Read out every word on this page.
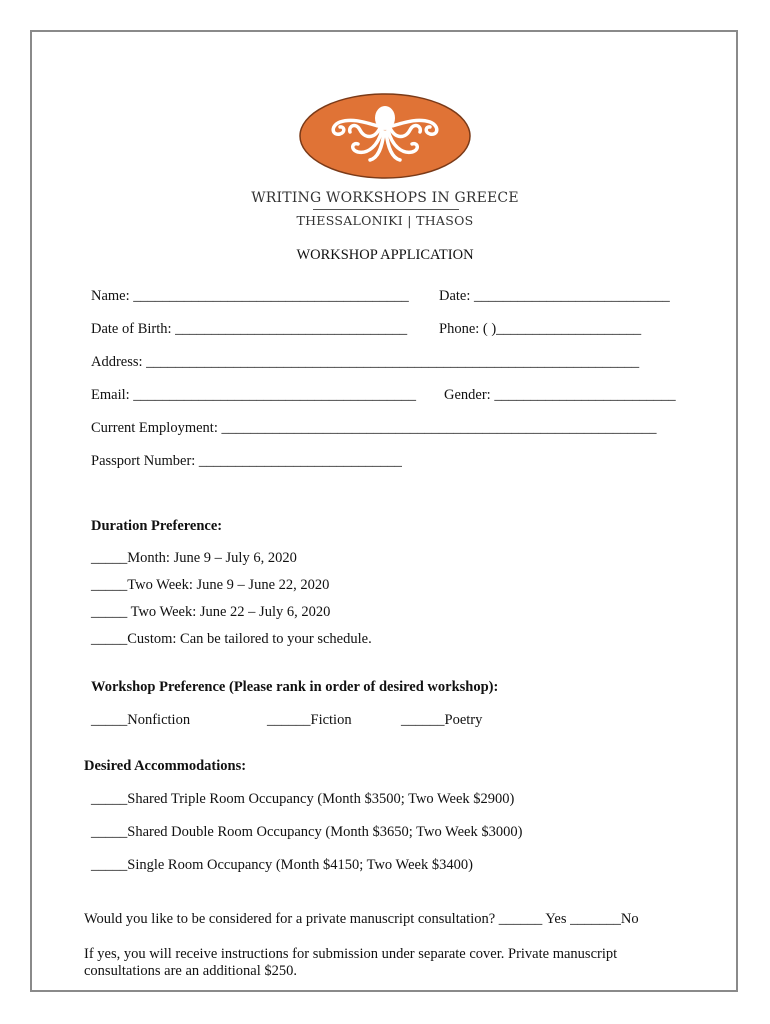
WRITING WORKSHOPS IN GREECE
THESSALONIKI | THASOS
WORKSHOP APPLICATION
Name: ______________________________________ Date: ___________________________
Date of Birth: ________________________________ Phone: ( )____________________
Address: ____________________________________________________________________
Email: _______________________________________ Gender: _________________________
Current Employment: ____________________________________________________________
Passport Number: ____________________________
Duration Preference:
_____Month: June 9 – July 6, 2020
_____Two Week: June 9 – June 22, 2020
_____ Two Week: June 22 – July 6, 2020
_____Custom: Can be tailored to your schedule.
Workshop Preference (Please rank in order of desired workshop):
_____Nonfiction	______Fiction	______Poetry
Desired Accommodations:
_____Shared Triple Room Occupancy (Month $3500; Two Week $2900)
_____Shared Double Room Occupancy (Month $3650; Two Week $3000)
_____Single Room Occupancy (Month $4150; Two Week $3400)
Would you like to be considered for a private manuscript consultation? ______ Yes _______No
If yes, you will receive instructions for submission under separate cover. Private manuscript consultations are an additional $250.
